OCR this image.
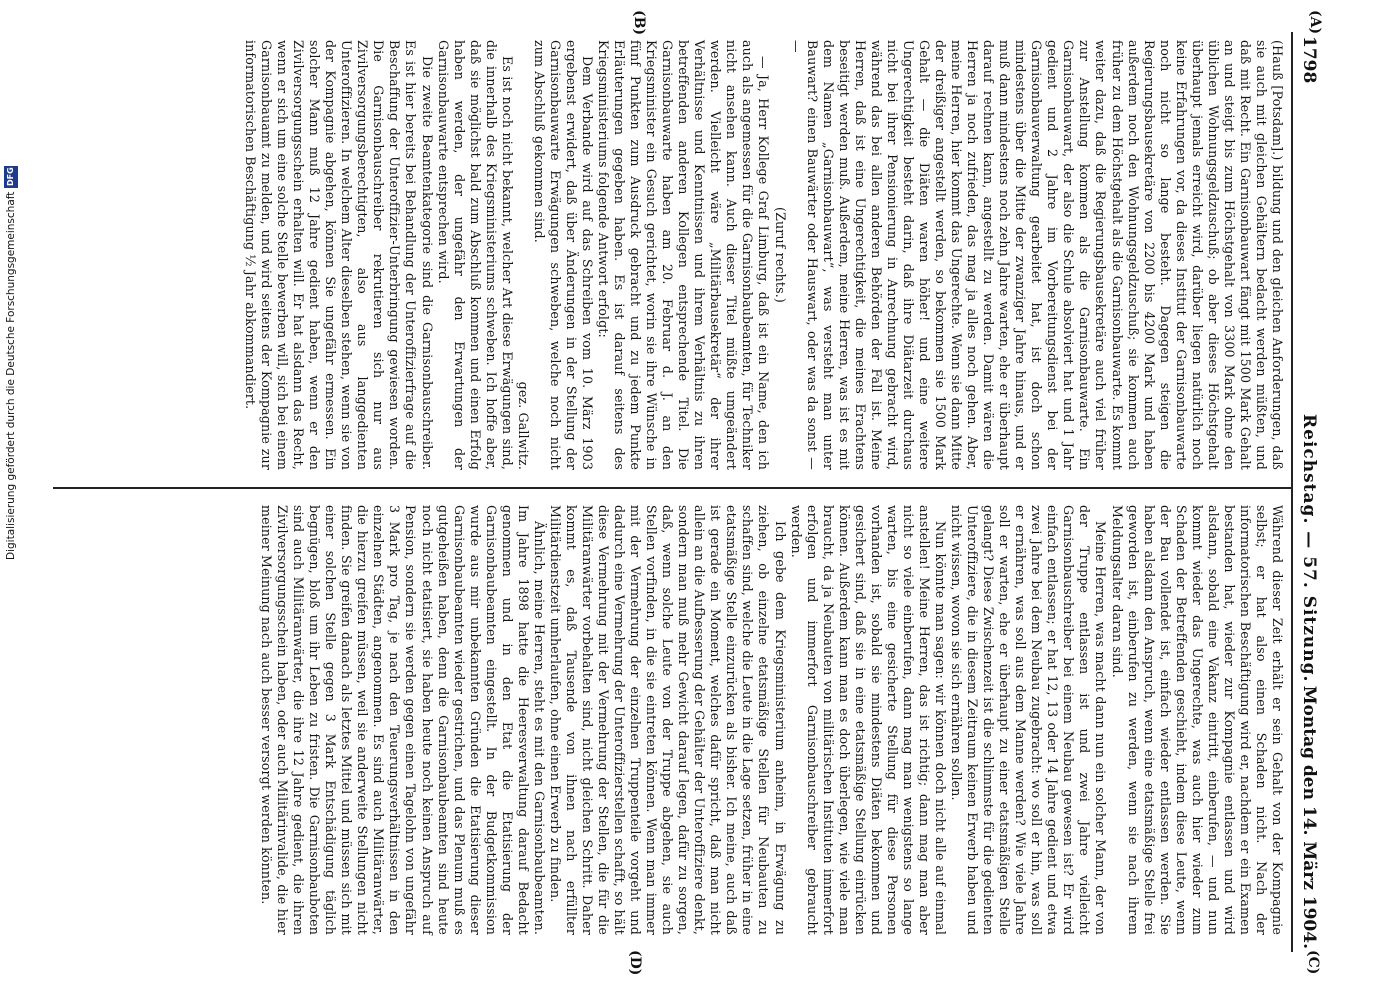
1798
Reichstag. — 57. Sitzung.
Montag den 14. März 1904.
(A)
(B)
(C)
(D)

(Hauß [Potsdam].) bildung und den gleichen Anforderungen, daß sie auch mit gleichen Gehältern bedacht werden müßten, und daß mit Recht. Ein Garnisonbauwart fängt mit 1500 Mark Gehalt an und steigt bis zum Höchstgehalt von 3300 Mark ohne den üblichen Wohnungsgeldzuschuß; ob aber dieses Höchstgehalt überhaupt jemals erreicht wird, darüber liegen natürlich noch keine Erfahrungen vor, da dieses Institut der Garnisonbauwarte noch nicht so lange besteht. Dagegen steigen die Regierungsbausekretäre von 2200 bis 4200 Mark und haben außerdem noch den Wohnungsgeldzuschuß; sie kommen auch früher zu dem Höchstgehalt als die Garnisonbauwarte. Es kommt weiter dazu, daß die Regierungsbausekretäre auch viel früher zur Anstellung kommen als die Garnisonbauwarte. Ein Garnisonbauwart, der also die Schule absolviert hat und 1 Jahr gedient und 2 Jahre im Vorbereitungsdienst bei der Garnisonbauverwaltung gearbeitet hat, ist doch schon mindestens über die Mitte der zwanziger Jahre hinaus, und er muß dann mindestens noch zehn Jahre warten, ehe er überhaupt darauf rechnen kann, angestellt zu werden. Damit wären die Herren ja noch zufrieden, das mag ja alles noch gehen. Aber, meine Herren, hier kommt das Ungerechte. Wenn sie dann Mitte der dreißiger angestellt werden, so bekommen sie 1500 Mark Gehalt — die Diäten waren höher! und eine weitere Ungerechtigkeit besteht darin, daß ihre Diätarzeit durchaus nicht bei ihrer Pensionierung in Anrechnung gebracht wird, während das bei allen anderen Behörden der Fall ist. Meine Herren, daß ist eine Ungerechtigkeit, die meines Erachtens beseitigt werden muß. Außerdem, meine Herren, was ist es mit dem Namen „Garnisonbauwart“, was versteht man unter Bauwart? einen Bauwärter oder Hauswart, oder was da sonst — —

(Zuruf rechts.)

— Ja, Herr Kollege Graf Limburg, daß ist ein Name, den ich auch als angemessen für die Garnisonbaubeamten, für Techniker nicht ansehen kann. Auch dieser Titel müßte umgeändert werden. Vielleicht wäre „Militärbausekretär“ der ihrer Verhältnisse und Kenntnissen und ihrem Verhältnis zu ihren betreffenden anderen Kollegen entsprechende Titel. Die Garnisonbauwarte haben am 20. Februar d. J. an den Kriegsminister ein Gesuch gerichtet, worin sie ihre Wünsche in fünf Punkten zum Ausdruck gebracht und zu jedem Punkte Erläuterungen gegeben haben. Es ist darauf seitens des Kriegsministeriums folgende Antwort erfolgt:

Dem Verbande wird auf das Schreiben vom 10. März 1903 ergebenst erwidert, daß über Änderungen in der Stellung der Garnisonbauwarte Erwägungen schweben, welche noch nicht zum Abschluß gekommen sind.

gez. Gallwitz.

Es ist noch nicht bekannt, welcher Art diese Erwägungen sind, die innerhalb des Kriegsministeriums schweben. Ich hoffe aber, daß sie möglichst bald zum Abschluß kommen und einen Erfolg haben werden, der ungefähr den Erwartungen der Garnisonbauwarte entsprechen wird.

Die zweite Beamtenkategorie sind die Garnisonbauschreiber. Es ist hier bereits bei Behandlung der Unteroffizierfrage auf die Beschaffung der Unteroffizier-Unterbringung gewiesen worden. Die Garnisonbauschreiber rekrutieren sich nur aus Zivilversorgungsberechtigten, also aus langgedienten Unteroffizieren. In welchem Alter dieselben stehen, wenn sie von der Kompagnie abgehen, können Sie ungefähr ermessen. Ein solcher Mann muß 12 Jahre gedient haben, wenn er den Zivilversorgungsschein erhalten will. Er hat alsdann das Recht, wenn er sich um eine solche Stelle bewerben will, sich bei einem Garnisonbauamt zu melden, und wird seitens der Kompagnie zur informatorischen Beschäftigung ½ Jahr abkommandiert.

Während dieser Zeit erhält er sein Gehalt von der Kompagnie selbst; er hat also einen Schaden nicht. Nach der informatorischen Beschäftigung wird er, nachdem er ein Examen bestanden hat, wieder zur Kompagnie entlassen und wird alsdann, sobald eine Vakanz eintritt, einberufen, — und nun kommt wieder das Ungerechte, was auch hier wieder zum Schaden der Betreffenden geschieht, indem diese Leute, wenn der Bau vollendet ist, einfach wieder entlassen werden. Sie haben alsdann den Anspruch, wenn eine etatsmäßige Stelle frei geworden ist, einberufen zu werden, wenn sie nach ihrem Meldungsalter daran sind.

Meine Herren, was macht dann nun ein solcher Mann, der von der Truppe entlassen ist und zwei Jahre vielleicht Garnisonbauschreiber bei einem Neubau gewesen ist? Er wird einfach entlassen; er hat 12, 13 oder 14 Jahre gedient und etwa zwei Jahre bei dem Neubau zugebracht: wo soll er hin, was soll er ernähren, was soll aus dem Manne werden? Wie viele Jahre soll er warten, ehe er überhaupt zu einer etatsmäßigen Stelle gelangt? Diese Zwischenzeit ist die schlimmste für die gedienten Unteroffiziere, die in diesem Zeitraum keinen Erwerb haben und nicht wissen, wovon sie sich ernähren sollen.

Nun könnte man sagen: wir können doch nicht alle auf einmal anstellen! Meine Herren, das ist richtig; dann mag man aber nicht so viele einberufen, dann mag man wenigstens so lange warten, bis eine gesicherte Stellung für diese Personen vorhanden ist, sobald sie mindestens Diäten bekommen und gesichert sind, daß sie in eine etatsmäßige Stellung einrücken können. Außerdem kann man es doch überlegen, wie viele man braucht, da ja Neubauten von militärischen Instituten immerfort erfolgen und immerfort Garnisonbauschreiber gebraucht werden.

Ich gebe dem Kriegsministerium anheim, in Erwägung zu ziehen, ob einzelne etatsmäßige Stellen für Neubauten zu schaffen sind, welche die Leute in die Lage setzen, früher in eine etatsmäßige Stelle einzurücken als bisher. Ich meine, auch daß ist gerade ein Moment, welches dafür spricht, daß man nicht allein an die Aufbesserung der Gehälter der Unteroffiziere denkt, sondern man muß mehr Gewicht darauf legen, dafür zu sorgen, daß, wenn solche Leute von der Truppe abgehen, sie auch Stellen vorfinden, in die sie eintreten können. Wenn man immer mit der Vermehrung der einzelnen Truppenteile vorgeht und dadurch eine Vermehrung der Unteroffizierstellen schafft, so hält diese Vermehrung mit der Vermehrung der Stellen, die für die Militäranwärter vorbehalten sind, nicht gleichen Schritt. Daher kommt es, daß Tausende von ihnen nach erfüllter Militärdienstzeit umherlaufen, ohne einen Erwerb zu finden.

Ähnlich, meine Herren, steht es mit den Garnisonbaubeamten. Im Jahre 1898 hatte die Heeresverwaltung darauf Bedacht genommen und in den Etat die Etatisierung der Garnisonbaubeamten eingestellt. In der Budgetkommission wurde aus mir unbekannten Gründen die Etatisierung dieser Garnisonbaubeamten wieder gestrichen, und das Plenum muß es gutgeheißen haben, denn die Garnisonbaubeamten sind heute noch nicht etatisiert, sie haben heute noch keinen Anspruch auf Pension, sondern sie werden gegen einen Tagelohn von ungefähr 3 Mark pro Tag, je nach den Teuerungsverhältnissen in den einzelnen Städten, angenommen. Es sind auch Militäranwärter, die hierzu greifen müssen, weil sie anderweite Stellungen nicht finden. Sie greifen danach als letztes Mittel und müssen sich mit einer solchen Stelle gegen 3 Mark Entschädigung täglich begnügen, bloß um ihr Leben zu fristen. Die Garnisonbauboten sind auch Militäranwärter, die ihre 12 Jahre gedient, die ihren Zivilversorgungsschein haben, oder auch Militärinvalide, die hier meiner Meinung nach auch besser versorgt werden könnten.

Digitalisierung gefördert durch die Deutsche Forschungsgemeinschaft
DFG
